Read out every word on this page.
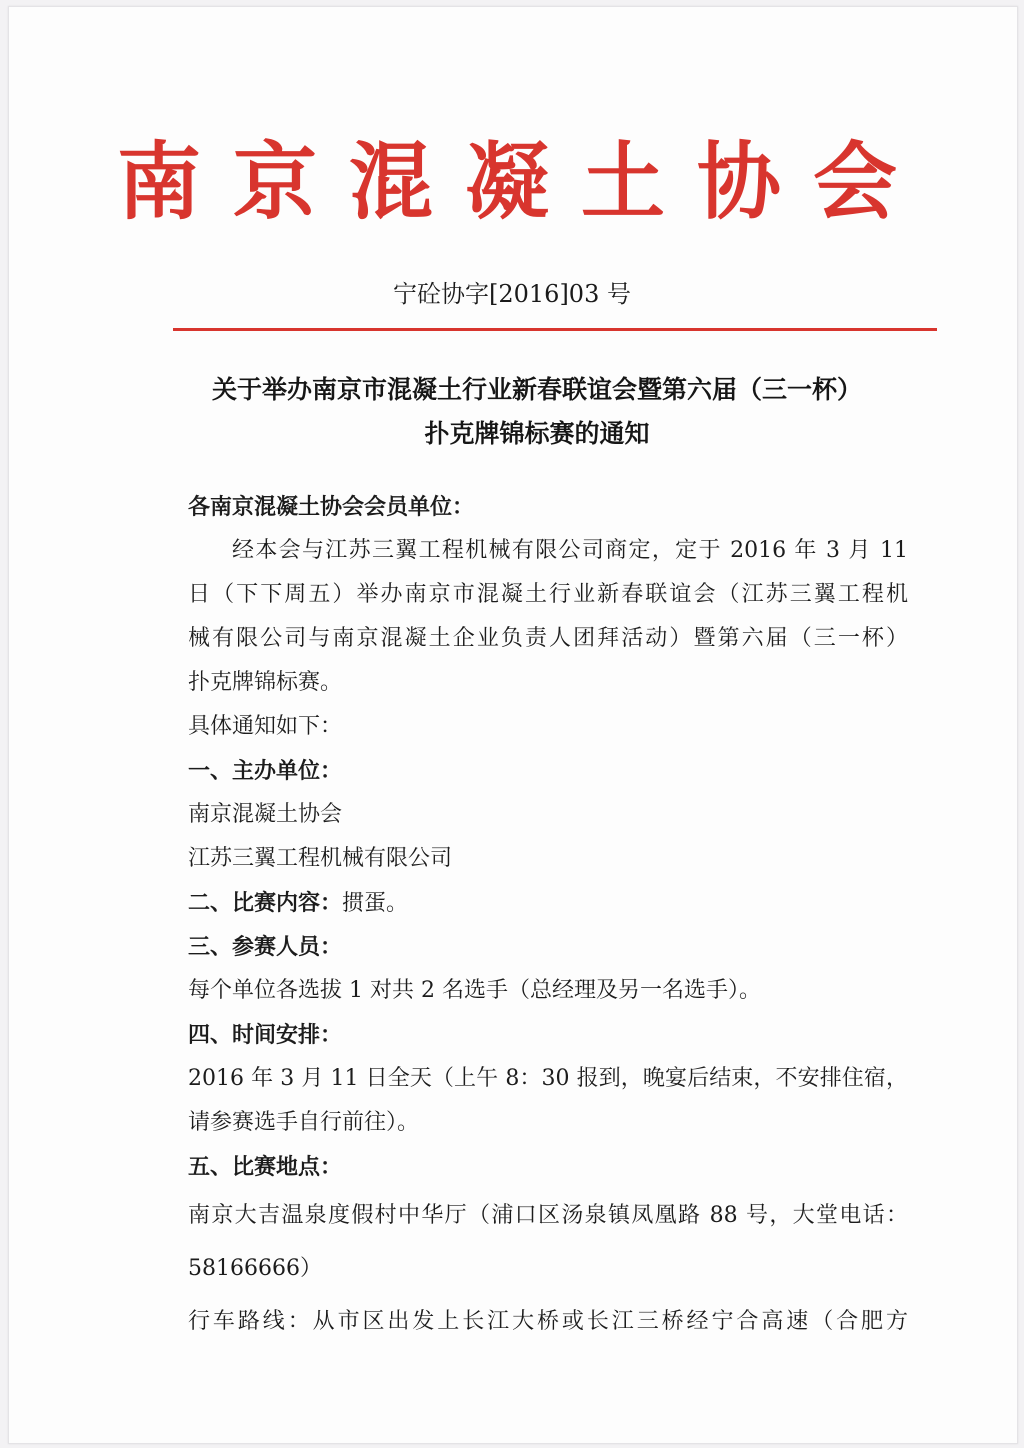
南京混凝土协会
宁砼协字[2016]03 号
关于举办南京市混凝土行业新春联谊会暨第六届（三一杯）
扑克牌锦标赛的通知
各南京混凝土协会会员单位：
经本会与江苏三翼工程机械有限公司商定，定于 2016 年 3 月 11
日（下下周五）举办南京市混凝土行业新春联谊会（江苏三翼工程机
械有限公司与南京混凝土企业负责人团拜活动）暨第六届（三一杯）
扑克牌锦标赛。
具体通知如下：
一、主办单位：
南京混凝土协会
江苏三翼工程机械有限公司
二、比赛内容：掼蛋。
三、参赛人员：
每个单位各选拔 1 对共 2 名选手（总经理及另一名选手）。
四、时间安排：
2016 年 3 月 11 日全天（上午 8：30 报到，晚宴后结束，不安排住宿，
请参赛选手自行前往）。
五、比赛地点：
南京大吉温泉度假村中华厅（浦口区汤泉镇凤凰路 88 号，大堂电话：
58166666）
行车路线：从市区出发上长江大桥或长江三桥经宁合高速（合肥方
